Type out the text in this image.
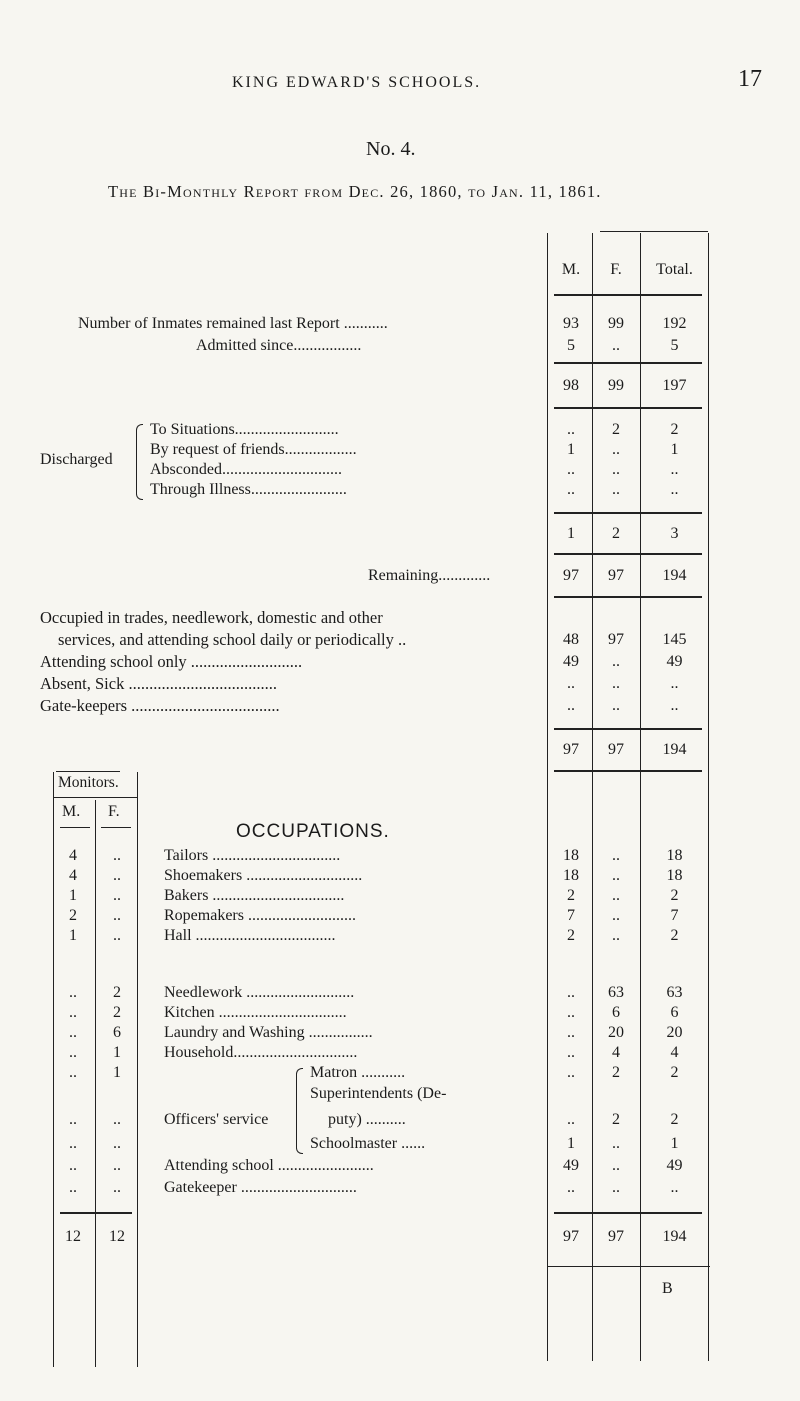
KING EDWARD'S SCHOOLS.	17
No. 4.
The Bi-Monthly Report from Dec. 26, 1860, to Jan. 11, 1861.
M.	F.	Total.
Number of Inmates remained last Report ...........	93	99	192
Admitted since.................	5	..	5
98	99	197
Discharged
To Situations..........................	..	2	2
By request of friends..................	1	..	1
Absconded..............................	..	..	..
Through Illness........................	..	..	..
1	2	3
Remaining.............	97	97	194
Occupied in trades, needlework, domestic and other
services, and attending school daily or periodically ..	48	97	145
Attending school only ...........................	49	..	49
Absent, Sick ....................................	..	..	..
Gate-keepers ....................................	..	..	..
97	97	194
Monitors.
M. F.
OCCUPATIONS.
4	..	Tailors ................................	18	..	18
4	..	Shoemakers .............................	18	..	18
1	..	Bakers .................................	2	..	2
2	..	Ropemakers ...........................	7	..	7
1	..	Hall ...................................	2	..	2
..	2	Needlework ...........................	..	63	63
..	2	Kitchen ................................	..	6	6
..	6	Laundry and Washing ................	..	20	20
..	1	Household...............................	..	4	4
Officers' service
..	1	Matron ...........	..	2	2
Superintendents (De-
..	..	puty) ..........	..	2	2
..	..	Schoolmaster ......	1	..	1
..	..	Attending school ........................	49	..	49
..	..	Gatekeeper .............................	..	..	..
12	12	97	97	194
B
